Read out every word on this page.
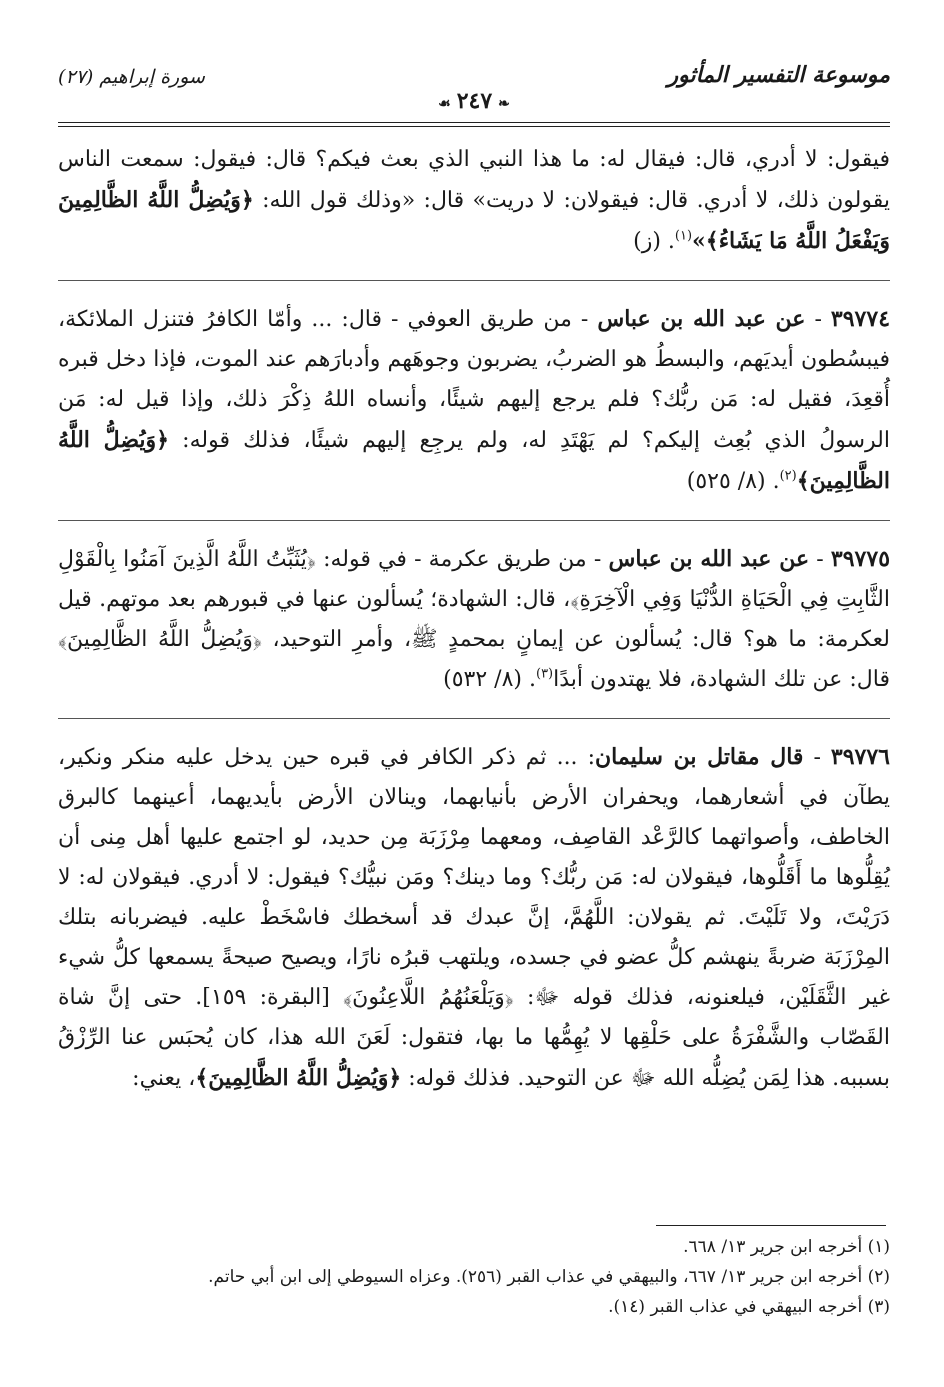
موسوعة التفسير المأثور
❧٢٤٧☙
سورة إبراهيم (٢٧)

فيقول: لا أدري، قال: فيقال له: ما هذا النبي الذي بعث فيكم؟ قال: فيقول: سمعت الناس يقولون ذلك، لا أدري. قال: فيقولان: لا دريت» قال: «وذلك قول الله: ﴿وَيُضِلُّ اللَّهُ الظَّالِمِينَ وَيَفْعَلُ اللَّهُ مَا يَشَاءُ﴾»$^{(١)}$. (ز)

٣٩٧٧٤ - عن عبد الله بن عباس - من طريق العوفي - قال: ... وأمّا الكافرُ فتنزل الملائكة، فيبسُطون أيديَهم، والبسطُ هو الضربُ، يضربون وجوهَهم وأدبارَهم عند الموت، فإذا دخل قبره أُقعِدَ، فقيل له: مَن ربُّك؟ فلم يرجع إليهم شيئًا، وأنساه اللهُ ذِكْرَ ذلك، وإذا قيل له: مَن الرسولُ الذي بُعِث إليكم؟ لم يَهْتَدِ له، ولم يرجِع إليهم شيئًا، فذلك قوله: ﴿وَيُضِلُّ اللَّهُ الظَّالِمِينَ﴾$^{(٢)}$. (٨/ ٥٢٥)

٣٩٧٧٥ - عن عبد الله بن عباس - من طريق عكرمة - في قوله: ﴿يُثَبِّتُ اللَّهُ الَّذِينَ آمَنُوا بِالْقَوْلِ الثَّابِتِ فِي الْحَيَاةِ الدُّنْيَا وَفِي الْآخِرَةِ﴾، قال: الشهادة؛ يُسألون عنها في قبورهم بعد موتهم. قيل لعكرمة: ما هو؟ قال: يُسألون عن إيمانٍ بمحمدٍ ﷺ، وأمرِ التوحيد، ﴿وَيُضِلُّ اللَّهُ الظَّالِمِينَ﴾ قال: عن تلك الشهادة، فلا يهتدون أبدًا$^{(٣)}$. (٨/ ٥٣٢)

٣٩٧٧٦ - قال مقاتل بن سليمان: ... ثم ذكر الكافر في قبره حين يدخل عليه منكر ونكير، يطآن في أشعارهما، ويحفران الأرض بأنيابهما، وينالان الأرض بأيديهما، أعينهما كالبرق الخاطف، وأصواتهما كالرَّعْد القاصِف، ومعهما مِرْزَبَة مِن حديد، لو اجتمع عليها أهل مِنى أن يُقِلُّوها ما أَقَلُّوها، فيقولان له: مَن ربُّك؟ وما دينك؟ ومَن نبيُّك؟ فيقول: لا أدري. فيقولان له: لا دَرَيْتَ، ولا تَلَيْتَ. ثم يقولان: اللَّهُمَّ، إنَّ عبدك قد أسخطك فاسْخَطْ عليه. فيضربانه بتلك المِرْزَبَة ضربةً ينهشم كلُّ عضو في جسده، ويلتهب قبرُه نارًا، ويصيح صيحةً يسمعها كلُّ شيء غير الثَّقَلَيْن، فيلعنونه، فذلك قوله ﷻ: ﴿وَيَلْعَنُهُمُ اللَّاعِنُونَ﴾ [البقرة: ١٥٩]. حتى إنَّ شاة القَصّاب والشَّفْرَةُ على حَلْقِها لا يُهِمُّها ما بها، فتقول: لَعَنَ الله هذا، كان يُحبَس عنا الرِّزْقُ بسببه. هذا لِمَن يُضِلُّه الله ﷻ عن التوحيد. فذلك قوله: ﴿وَيُضِلُّ اللَّهُ الظَّالِمِينَ﴾، يعني:

(١) أخرجه ابن جرير ١٣/ ٦٦٨.
(٢) أخرجه ابن جرير ١٣/ ٦٦٧، والبيهقي في عذاب القبر (٢٥٦). وعزاه السيوطي إلى ابن أبي حاتم.
(٣) أخرجه البيهقي في عذاب القبر (١٤).
